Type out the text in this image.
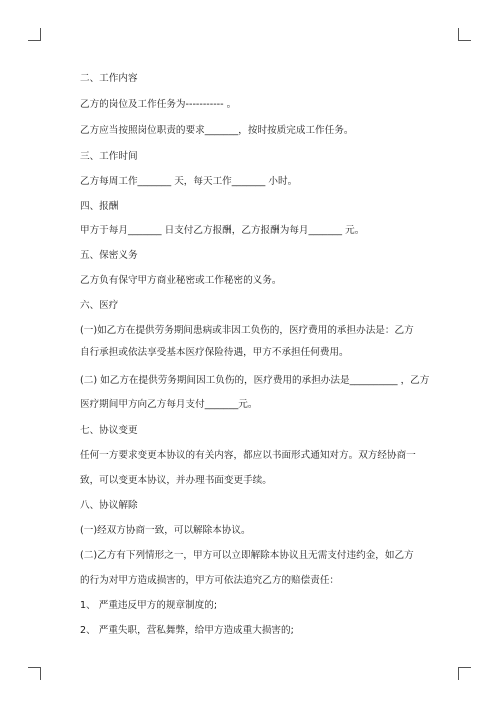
二、工作内容
乙方的岗位及工作任务为----------- 。
乙方应当按照岗位职责的要求_______，按时按质完成工作任务。
三、工作时间
乙方每周工作_______ 天，每天工作_______ 小时。
四、报酬
甲方于每月_______ 日支付乙方报酬，乙方报酬为每月_______ 元。
五、保密义务
乙方负有保守甲方商业秘密或工作秘密的义务。
六、医疗
(一)如乙方在提供劳务期间患病或非因工负伤的，医疗费用的承担办法是：乙方
自行承担或依法享受基本医疗保险待遇，甲方不承担任何费用。
(二) 如乙方在提供劳务期间因工负伤的，医疗费用的承担办法是__________ ，乙方
医疗期间甲方向乙方每月支付_______元。
七、协议变更
任何一方要求变更本协议的有关内容，都应以书面形式通知对方。双方经协商一
致，可以变更本协议，并办理书面变更手续。
八、协议解除
(一)经双方协商一致，可以解除本协议。
(二)乙方有下列情形之一，甲方可以立即解除本协议且无需支付违约金，如乙方
的行为对甲方造成损害的，甲方可依法追究乙方的赔偿责任：
1、 严重违反甲方的规章制度的;
2、 严重失职，营私舞弊，给甲方造成重大损害的;
